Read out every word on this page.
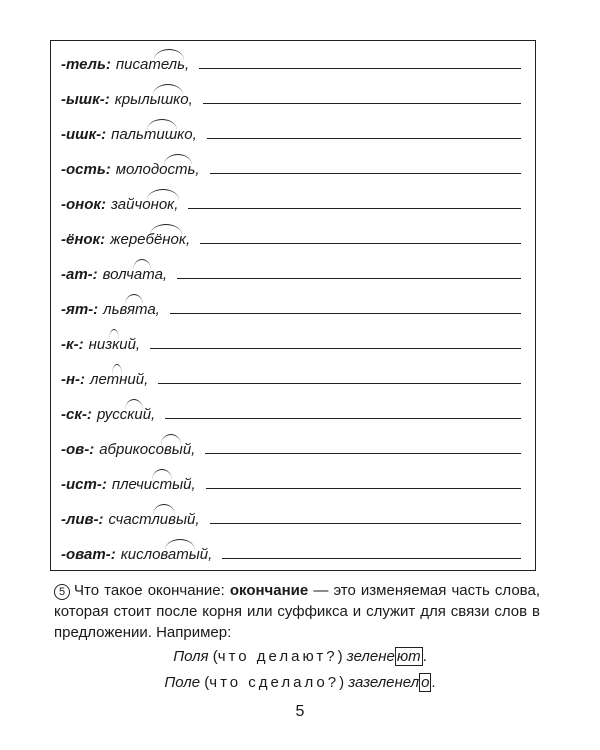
-тель: писатель,
-ышк-: крылышко,
-ишк-: пальтишко,
-ость: молодость,
-онок: зайчонок,
-ёнок: жеребёнок,
-ат-: волчата,
-ят-: львята,
-к-: низкий,
-н-: летний,
-ск-: русский,
-ов-: абрикосовый,
-ист-: плечистый,
-лив-: счастливый,
-оват-: кисловатый,
5 Что такое окончание: окончание — это изменяемая часть слова, которая стоит после корня или суффикса и служит для связи слов в предложении. Например:
Поля (что делают?) зелене ют .
Поле (что сделало?) зазеленел о .
5
